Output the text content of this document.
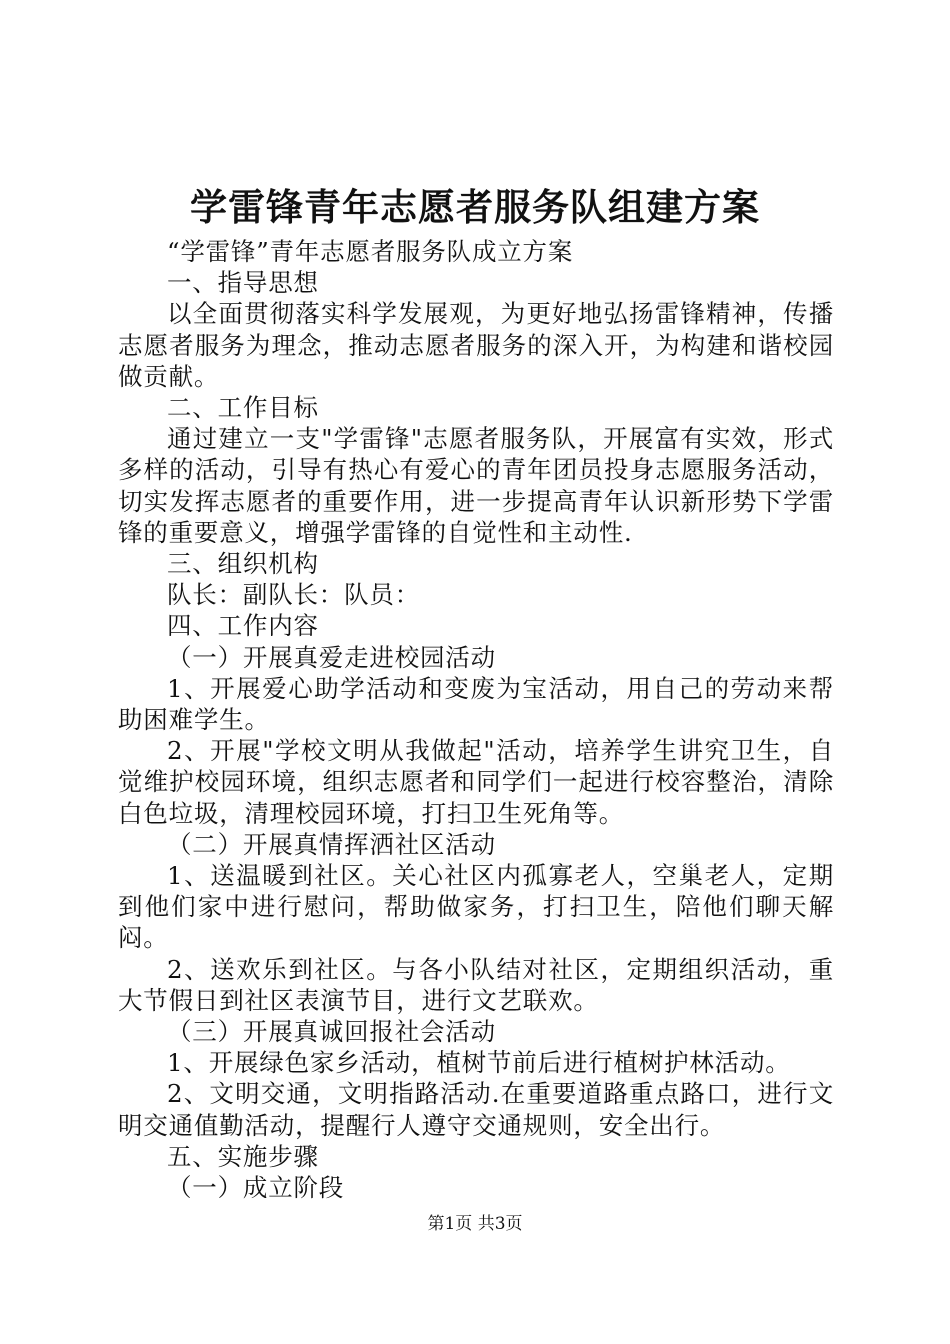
学雷锋青年志愿者服务队组建方案

“学雷锋”青年志愿者服务队成立方案

一、指导思想

以全面贯彻落实科学发展观，为更好地弘扬雷锋精神，传播志愿者服务为理念，推动志愿者服务的深入开，为构建和谐校园做贡献。

二、工作目标

通过建立一支"学雷锋"志愿者服务队，开展富有实效，形式多样的活动，引导有热心有爱心的青年团员投身志愿服务活动，切实发挥志愿者的重要作用，进一步提高青年认识新形势下学雷锋的重要意义，增强学雷锋的自觉性和主动性.

三、组织机构

队长：副队长：队员：

四、工作内容

（一）开展真爱走进校园活动

1、开展爱心助学活动和变废为宝活动，用自己的劳动来帮助困难学生。

2、开展"学校文明从我做起"活动，培养学生讲究卫生，自觉维护校园环境，组织志愿者和同学们一起进行校容整治，清除白色垃圾，清理校园环境，打扫卫生死角等。

（二）开展真情挥洒社区活动

1、送温暖到社区。关心社区内孤寡老人，空巢老人，定期到他们家中进行慰问，帮助做家务，打扫卫生，陪他们聊天解闷。

2、送欢乐到社区。与各小队结对社区，定期组织活动，重大节假日到社区表演节目，进行文艺联欢。

（三）开展真诚回报社会活动

1、开展绿色家乡活动，植树节前后进行植树护林活动。

2、文明交通，文明指路活动.在重要道路重点路口，进行文明交通值勤活动，提醒行人遵守交通规则，安全出行。

五、实施步骤

（一）成立阶段

第1页 共3页
